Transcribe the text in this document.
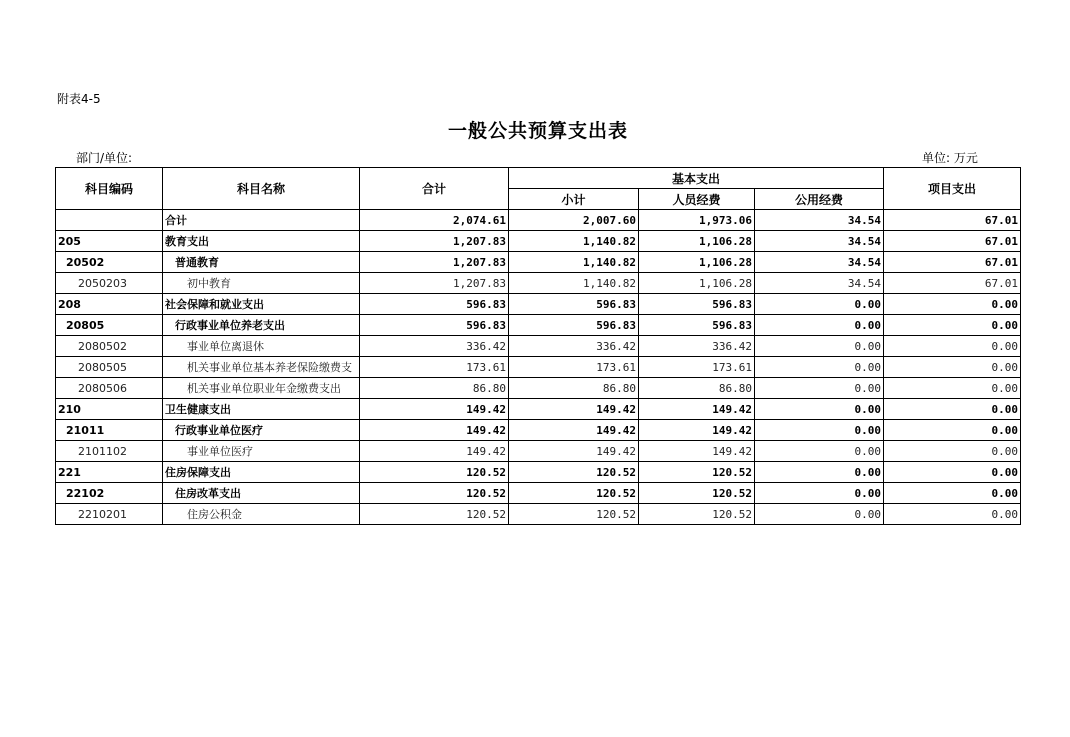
附表4-5
一般公共预算支出表
部门/单位:	单位: 万元
科目编码	科目名称	合计	基本支出			项目支出
			小计	人员经费	公用经费	
	合计	2,074.61	2,007.60	1,973.06	34.54	67.01
205	教育支出	1,207.83	1,140.82	1,106.28	34.54	67.01
20502	普通教育	1,207.83	1,140.82	1,106.28	34.54	67.01
2050203	初中教育	1,207.83	1,140.82	1,106.28	34.54	67.01
208	社会保障和就业支出	596.83	596.83	596.83	0.00	0.00
20805	行政事业单位养老支出	596.83	596.83	596.83	0.00	0.00
2080502	事业单位离退休	336.42	336.42	336.42	0.00	0.00
2080505	机关事业单位基本养老保险缴费支	173.61	173.61	173.61	0.00	0.00
2080506	机关事业单位职业年金缴费支出	86.80	86.80	86.80	0.00	0.00
210	卫生健康支出	149.42	149.42	149.42	0.00	0.00
21011	行政事业单位医疗	149.42	149.42	149.42	0.00	0.00
2101102	事业单位医疗	149.42	149.42	149.42	0.00	0.00
221	住房保障支出	120.52	120.52	120.52	0.00	0.00
22102	住房改革支出	120.52	120.52	120.52	0.00	0.00
2210201	住房公积金	120.52	120.52	120.52	0.00	0.00
